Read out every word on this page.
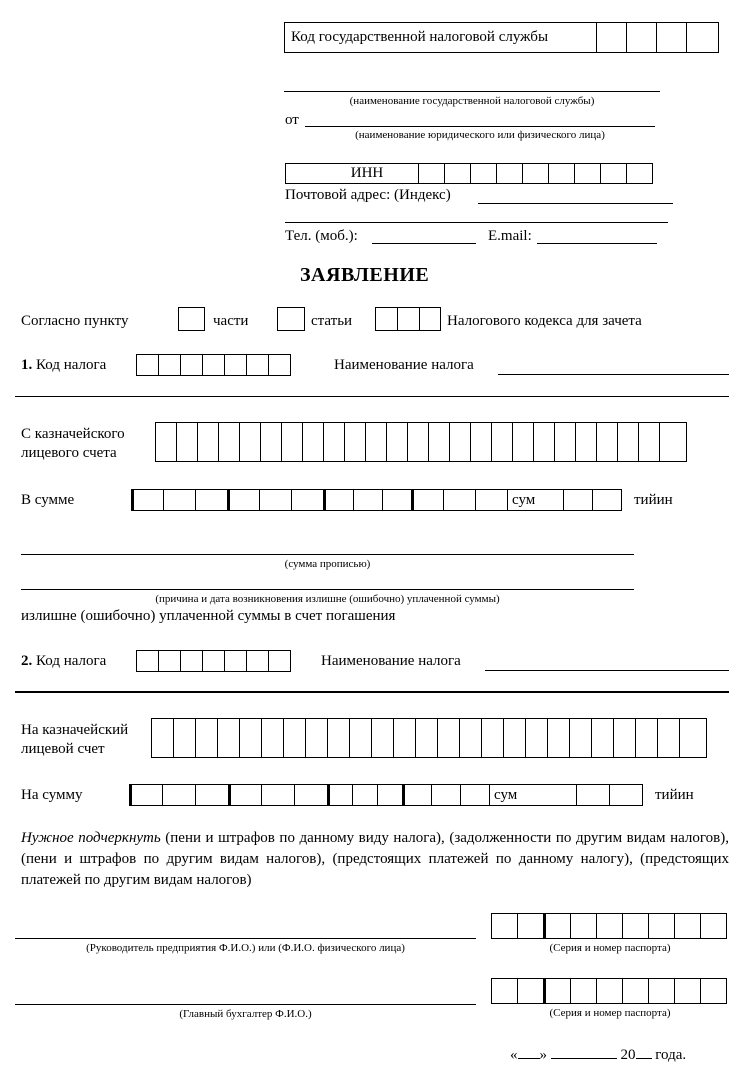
Код государственной налоговой службы
(наименование государственной налоговой службы)
от
(наименование юридического или физического лица)
ИНН
Почтовой адрес: (Индекс)
Тел. (моб.):	E.mail:
ЗАЯВЛЕНИЕ
Согласно пункту	части	статьи	Налогового кодекса для зачета
1. Код налога	Наименование налога
С казначейского
лицевого счета
В сумме	сум	тийин
(сумма прописью)
(причина и дата возникновения излишне (ошибочно) уплаченной суммы)
излишне (ошибочно) уплаченной суммы в счет погашения
2. Код налога	Наименование налога
На казначейский
лицевой счет
На сумму	сум	тийин
Нужное подчеркнуть (пени и штрафов по данному виду налога), (задолженности по другим видам налогов), (пени и штрафов по другим видам налогов), (предстоящих платежей по данному налогу), (предстоящих платежей по другим видам налогов)
(Руководитель предприятия Ф.И.О.) или (Ф.И.О. физического лица)	(Серия и номер паспорта)
(Главный бухгалтер Ф.И.О.)	(Серия и номер паспорта)
« »	20 года.
